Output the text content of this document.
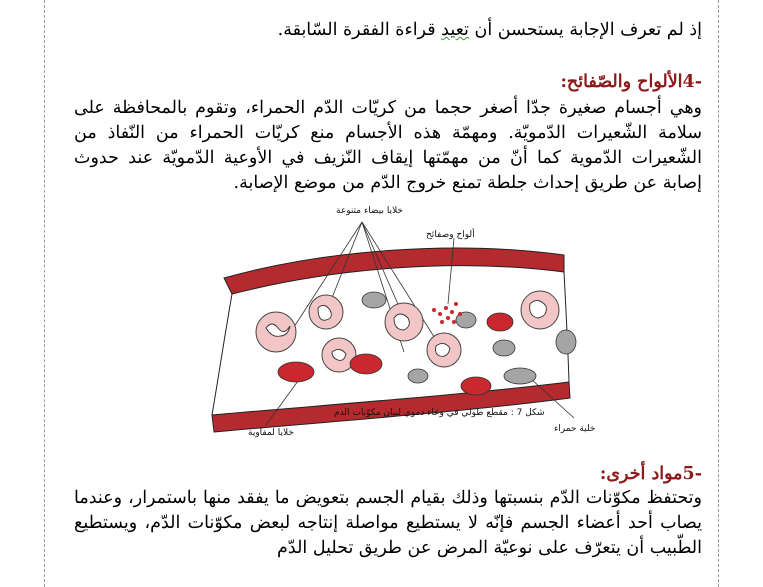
إذ لم تعرف الإجابة يستحسن أن تعيد قراءة الفقرة السّابقة.
-4الألواح والصّفائح:
وهي أجسام صغيرة جدّا أصغر حجما من كريّات الدّم الحمراء، وتقوم بالمحافظة على سلامة الشّعيرات الدّمويّة. ومهمّة هذه الأجسام منع كريّات الحمراء من النّفاذ من الشّعيرات الدّموية كما أنّ من مهمّتها إيقاف النّزيف في الأوعية الدّمويّة عند حدوث إصابة عن طريق إحداث جلطة تمنع خروج الدّم من موضع الإصابة.
خلايا بيضاء متنوعة
ألواح وصفائح
خلية حمراء
خلايا لمفاوية
شكل 7 : مقطع طولي في وعاء دموي لبيان مكوّنات الدم
-5مواد أخرى:
وتحتفظ مكوّنات الدّم بنسبتها وذلك بقيام الجسم بتعويض ما يفقد منها باستمرار، وعندما يصاب أحد أعضاء الجسم فإنّه لا يستطيع مواصلة إنتاجه لبعض مكوّنات الدّم، ويستطيع الطّبيب أن يتعرّف على نوعيّة المرض عن طريق تحليل الدّم
